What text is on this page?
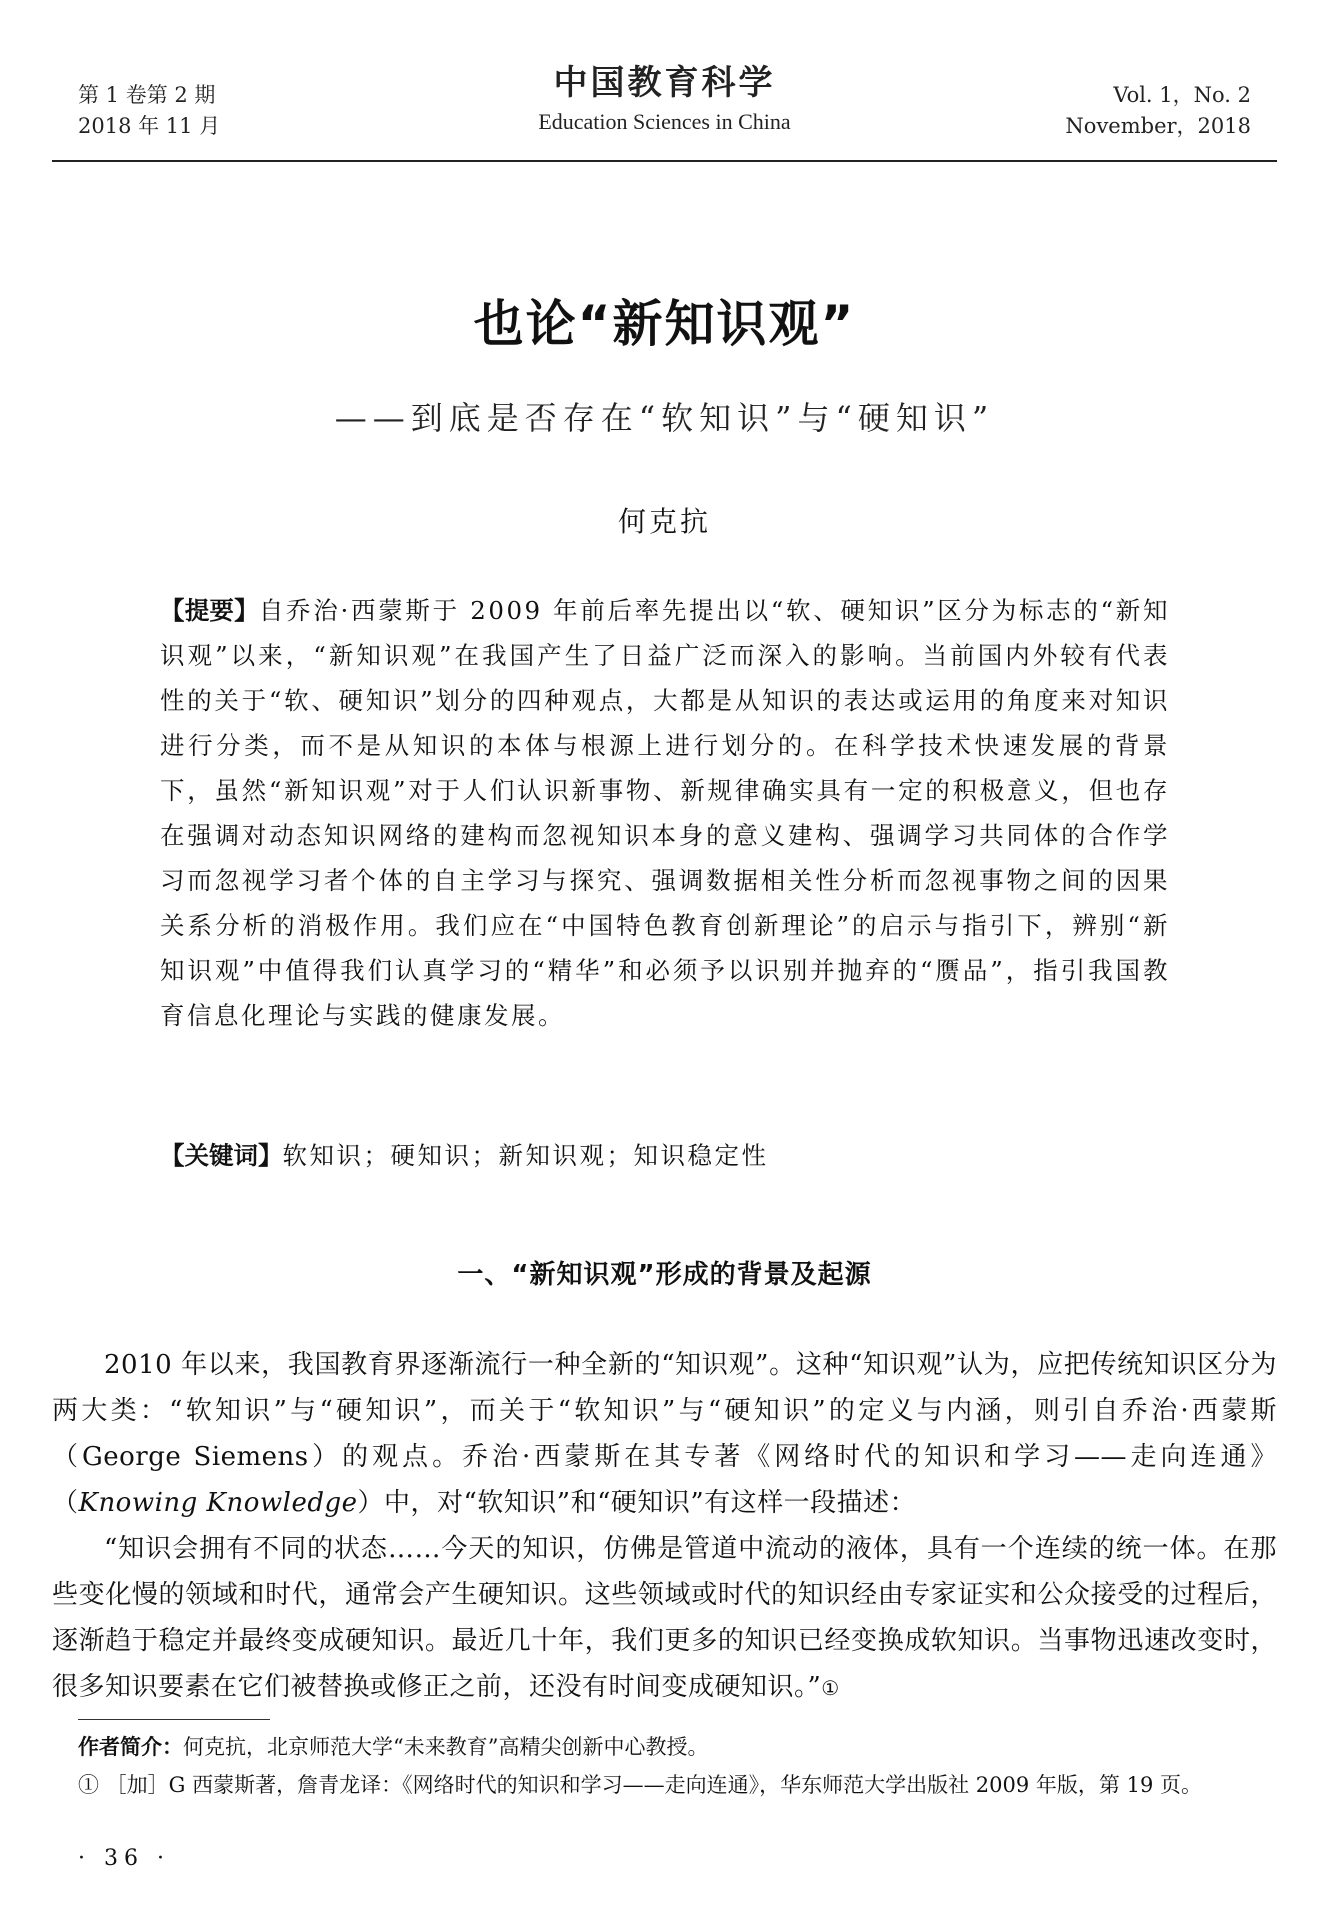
第 1 卷第 2 期
2018 年 11 月
中国教育科学
Education Sciences in China
Vol. 1，No. 2
November，2018
也论“新知识观”
——到底是否存在“软知识”与“硬知识”
何克抗
【提要】自乔治·西蒙斯于 2009 年前后率先提出以“软、硬知识”区分为标志的“新知识观”以来，“新知识观”在我国产生了日益广泛而深入的影响。当前国内外较有代表性的关于“软、硬知识”划分的四种观点，大都是从知识的表达或运用的角度来对知识进行分类，而不是从知识的本体与根源上进行划分的。在科学技术快速发展的背景下，虽然“新知识观”对于人们认识新事物、新规律确实具有一定的积极意义，但也存在强调对动态知识网络的建构而忽视知识本身的意义建构、强调学习共同体的合作学习而忽视学习者个体的自主学习与探究、强调数据相关性分析而忽视事物之间的因果关系分析的消极作用。我们应在“中国特色教育创新理论”的启示与指引下，辨别“新知识观”中值得我们认真学习的“精华”和必须予以识别并抛弃的“赝品”，指引我国教育信息化理论与实践的健康发展。
【关键词】软知识；硬知识；新知识观；知识稳定性
一、“新知识观”形成的背景及起源

2010 年以来，我国教育界逐渐流行一种全新的“知识观”。这种“知识观”认为，应把传统知识区分为两大类：“软知识”与“硬知识”，而关于“软知识”与“硬知识”的定义与内涵，则引自乔治·西蒙斯（George Siemens）的观点。乔治·西蒙斯在其专著《网络时代的知识和学习——走向连通》（Knowing Knowledge）中，对“软知识”和“硬知识”有这样一段描述：

“知识会拥有不同的状态……今天的知识，仿佛是管道中流动的液体，具有一个连续的统一体。在那些变化慢的领域和时代，通常会产生硬知识。这些领域或时代的知识经由专家证实和公众接受的过程后，逐渐趋于稳定并最终变成硬知识。最近几十年，我们更多的知识已经变换成软知识。当事物迅速改变时，很多知识要素在它们被替换或修正之前，还没有时间变成硬知识。”①

作者简介：何克抗，北京师范大学“未来教育”高精尖创新中心教授。
① ［加］G 西蒙斯著，詹青龙译：《网络时代的知识和学习——走向连通》，华东师范大学出版社 2009 年版，第 19 页。
· 36 ·
